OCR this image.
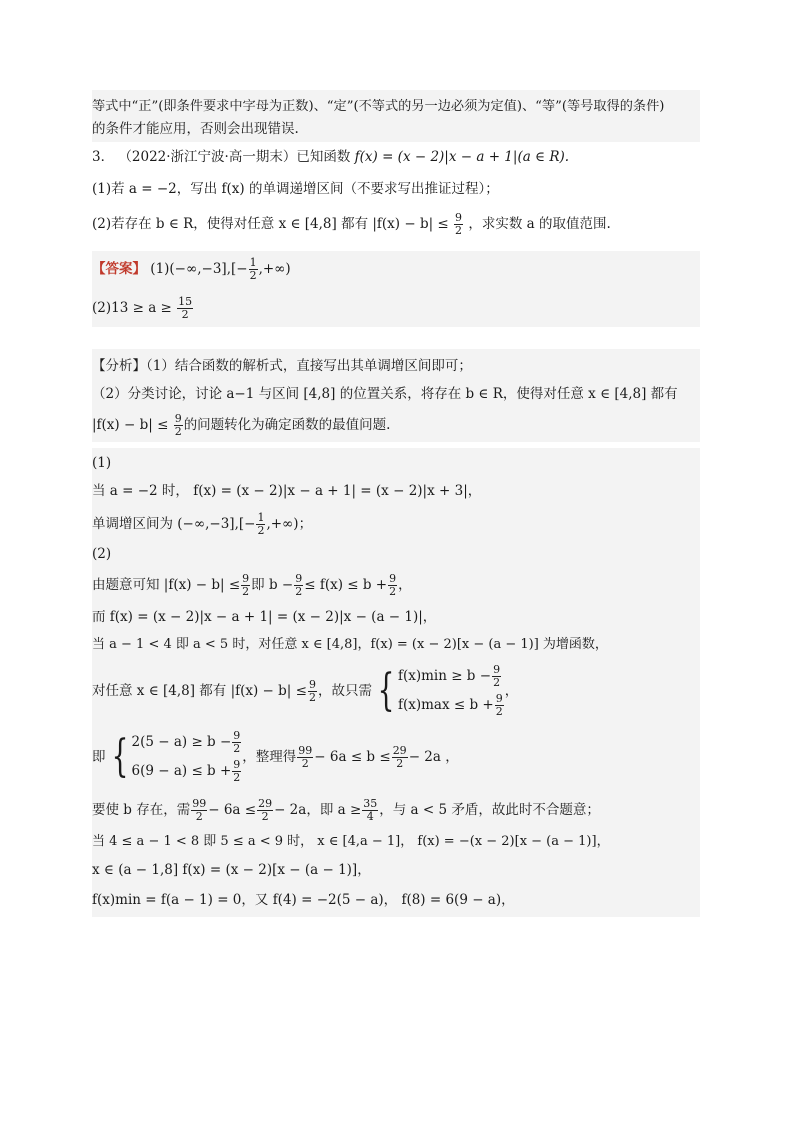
等式中“正”(即条件要求中字母为正数)、“定”(不等式的另一边必须为定值)、“等”(等号取得的条件)
的条件才能应用，否则会出现错误.
3． （2022·浙江宁波·高一期末）已知函数 f(x) = (x − 2)|x − a + 1|(a ∈ R).
(1)若 a = −2，写出 f(x) 的单调递增区间（不要求写出推证过程）；
(2)若存在 b ∈ R，使得对任意 x ∈ [4,8] 都有 $|f(x) - b| \le \frac{9}{2}$ ，求实数 a 的取值范围.
【答案】 $(1)(-\infty,-3],[- \frac{1}{2}$ ,+∞)
$(2)13 \ge a \ge \frac{15}{2}$
【分析】（1）结合函数的解析式，直接写出其单调增区间即可；
（2）分类讨论，讨论 a−1 与区间 [4,8] 的位置关系，将存在 b ∈ R，使得对任意 x ∈ [4,8] 都有
$|f(x) - b| \le \frac{9}{2}$ 的问题转化为确定函数的最值问题.
(1)
当 a = −2 时， f(x) = (x − 2)|x − a + 1| = (x − 2)|x + 3|，
单调增区间为 $(-\infty,-3],[- \frac{1}{2}$ ,+∞)；
(2)
由题意可知 $|f(x) - b| \le \frac{9}{2}$ 即 $b - \frac{9}{2} \le f(x) \le b + \frac{9}{2}$ ，
而 f(x) = (x − 2)|x − a + 1| = (x − 2)|x − (a − 1)|，
当 a − 1 < 4 即 a < 5 时，对任意 x ∈ [4,8]，f(x) = (x − 2)[x − (a − 1)] 为增函数，
对任意 x ∈ [4,8] 都有 $|f(x) - b| \le \frac{9}{2}$ ，故只需 { $f(x)\min \ge b - \frac{9}{2}$
$f(x)\max \le b + \frac{9}{2}$
，
即 { $2(5 - a) \ge b - \frac{9}{2}$
$6(9 - a) \le b + \frac{9}{2}$
，整理得 $\frac{99}{2} - 6a \le b \le \frac{29}{2} - 2a$ ，
要使 b 存在，需 $\frac{99}{2} - 6a \le \frac{29}{2} - 2a$，即 $a \ge \frac{35}{4}$ ，与 a < 5 矛盾，故此时不合题意；
当 4 ≤ a − 1 < 8 即 5 ≤ a < 9 时， x ∈ [4,a − 1]， f(x) = −(x − 2)[x − (a − 1)]，
x ∈ (a − 1,8] f(x) = (x − 2)[x − (a − 1)]，
f(x)min = f(a − 1) = 0，又 f(4) = −2(5 − a)， f(8) = 6(9 − a)，
